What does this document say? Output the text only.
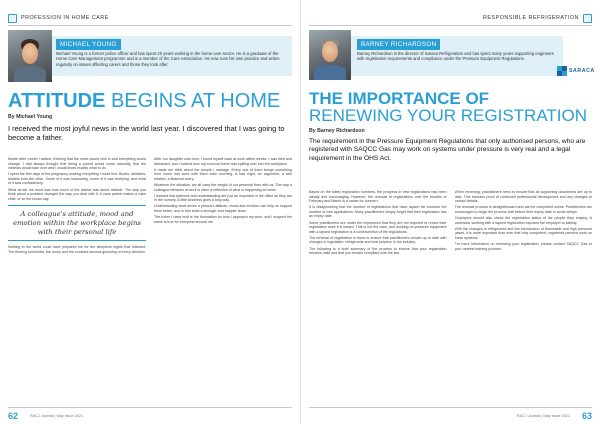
PROFESSION IN HOME CARE
MICHAEL YOUNG
Michael Young is a former police officer and has spent 20 years working in the home care sector. He is a graduate of the Home Care Management programme and is a member of the Care Association. He now runs his own practice and writes regularly on issues affecting carers and those they look after.
ATTITUDE BEGINS AT HOME
By Michael Young
I received the most joyful news in the world last year. I discovered that I was going to become a father.

Month after month I waited, thinking that the news would sink in and everything would change. I had always thought that being a parent would come naturally, that the instincts would take over and I would know exactly what to do.

I spent the first days of the pregnancy reading everything I could find. Books, websites, leaflets from the clinic. Some of it was reassuring, some of it was terrifying, and most of it was contradictory.

What struck me most was how much of the advice was about attitude. The way you think about a problem changes the way you deal with it. A calm parent makes a calm child, or so the books say.

A colleague's attitude, mood and emotion within the workplace begins with their personal life

Nothing in the world could have prepared me for the sleepless nights that followed. The feeding schedules, the worry and the constant second-guessing of every decision.

After our daughter was born, I found myself back at work within weeks. I was tired and distracted, and I noticed how my mood at home was spilling over into the workplace.

It made me think about the people I manage. Every one of them brings something from home into work with them each morning. A bad night, an argument, a sick relative, a financial worry.

Whatever the situation, we all carry the weight of our personal lives with us. The way a colleague behaves at work is often a reflection of what is happening at home.

I learned that patience and understanding are just as important in the office as they are in the nursery. A little kindness goes a long way.

Understanding what drives a person's attitude, mood and emotion can help us support them better, and in turn build a stronger and happier team.

The home I have built is the foundation for how I approach my work, and I suspect the same is true for everyone around me.

62	RACJ Journal | May issue 2021
RESPONSIBLE REFRIGERATION
BARNEY RICHARDSON
Barney Richardson is the director of Saraca Refrigeration and has spent many years supporting engineers with registration requirements and compliance under the Pressure Equipment Regulations.
SARACA
THE IMPORTANCE OF
RENEWING YOUR REGISTRATION
By Barney Richardson
The requirement in the Pressure Equipment Regulations that only authorised persons, who are registered with SAQCC Gas may work on systems under pressure is very real and a legal requirement in the OHS Act.

Based on the latest registration numbers, the progress in new registrations has been steady and encouraging. However, the renewal of registrations over the months of February and March is a cause for concern.

It is disappointing that the number of registrations that have lapsed far exceeds the number of new applications. Many practitioners simply forget that their registration has an expiry date.

Some practitioners are under the impression that they are not required to renew their registration once it is issued. This is not the case, and working on pressure equipment with a lapsed registration is a contravention of the regulations.

The renewal of registration is there to ensure that practitioners remain up to date with changes in legislation, refrigerants and best practice in the industry.

The following is a brief summary of the process to ensure that your registration remains valid and that you remain compliant with the law.

When renewing, practitioners need to ensure that all supporting documents are up to date. This includes proof of continued professional development and any changes to contact details.

The renewal process is straightforward and can be completed online. Practitioners are encouraged to begin the process well before their expiry date to avoid delays.

Employers should also check the registration status of the people they employ. A contractor working with a lapsed registration exposes the employer to liability.

With the changes in refrigerants and the introduction of flammable and high pressure gases, it is more important than ever that only competent, registered persons work on these systems.

For more information on renewing your registration, please contact SAQCC Gas or your nearest training provider.

RACJ Journal | May issue 2021 63
